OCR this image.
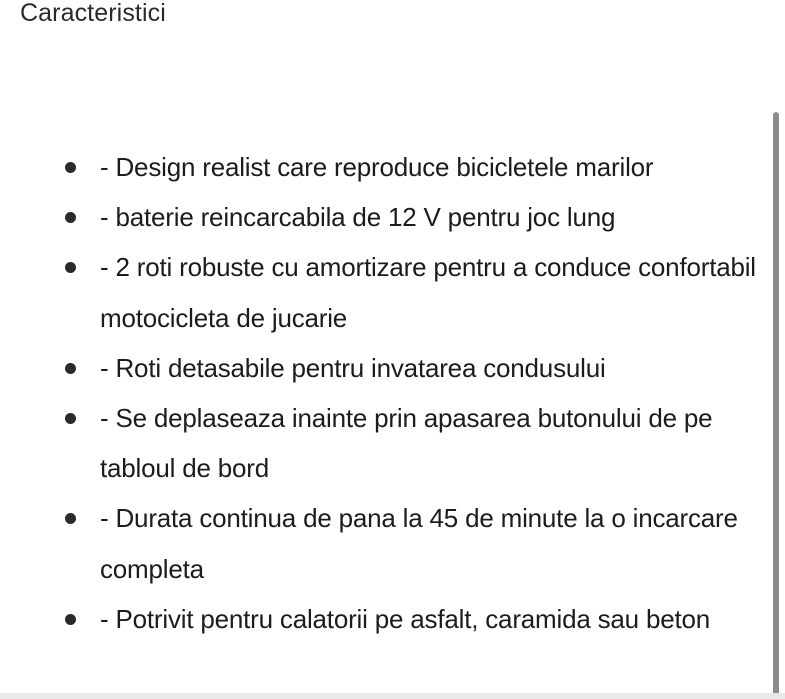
Caracteristici
- Design realist care reproduce bicicletele marilor
- baterie reincarcabila de 12 V pentru joc lung
- 2 roti robuste cu amortizare pentru a conduce confortabil motocicleta de jucarie
- Roti detasabile pentru invatarea condusului
- Se deplaseaza inainte prin apasarea butonului de pe tabloul de bord
- Durata continua de pana la 45 de minute la o incarcare completa
- Potrivit pentru calatorii pe asfalt, caramida sau beton
